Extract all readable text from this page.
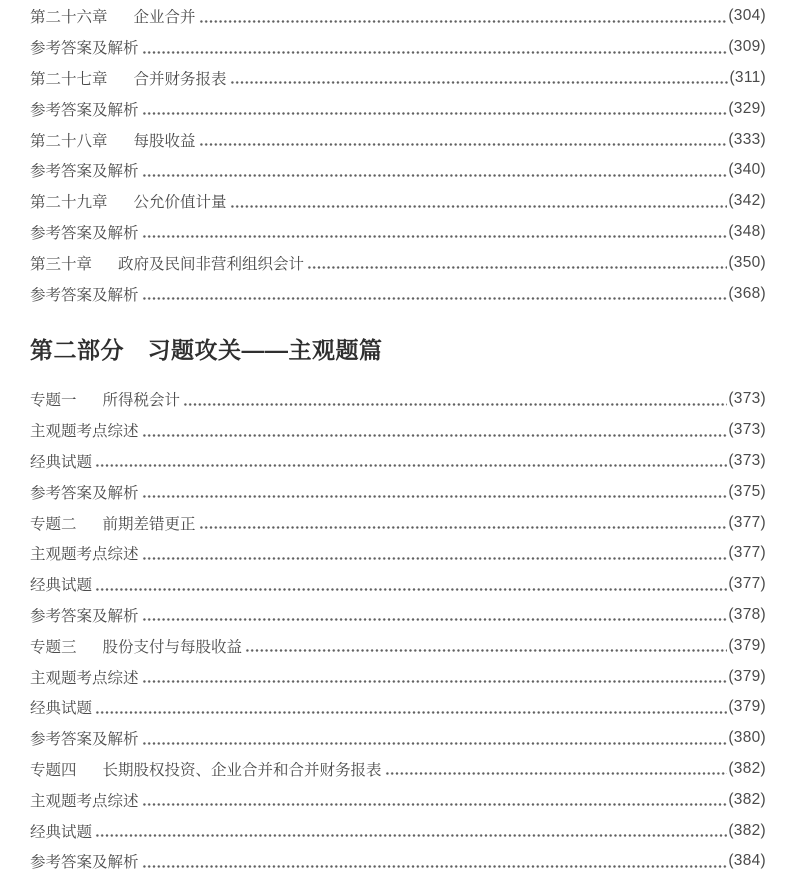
第二十六章 企业合并	(304)
参考答案及解析	(309)
第二十七章 合并财务报表	(311)
参考答案及解析	(329)
第二十八章 每股收益	(333)
参考答案及解析	(340)
第二十九章 公允价值计量	(342)
参考答案及解析	(348)
第三十章 政府及民间非营利组织会计	(350)
参考答案及解析	(368)
第二部分　习题攻关——主观题篇
专题一 所得税会计	(373)
主观题考点综述	(373)
经典试题	(373)
参考答案及解析	(375)
专题二 前期差错更正	(377)
主观题考点综述	(377)
经典试题	(377)
参考答案及解析	(378)
专题三 股份支付与每股收益	(379)
主观题考点综述	(379)
经典试题	(379)
参考答案及解析	(380)
专题四 长期股权投资、企业合并和合并财务报表	(382)
主观题考点综述	(382)
经典试题	(382)
参考答案及解析	(384)
